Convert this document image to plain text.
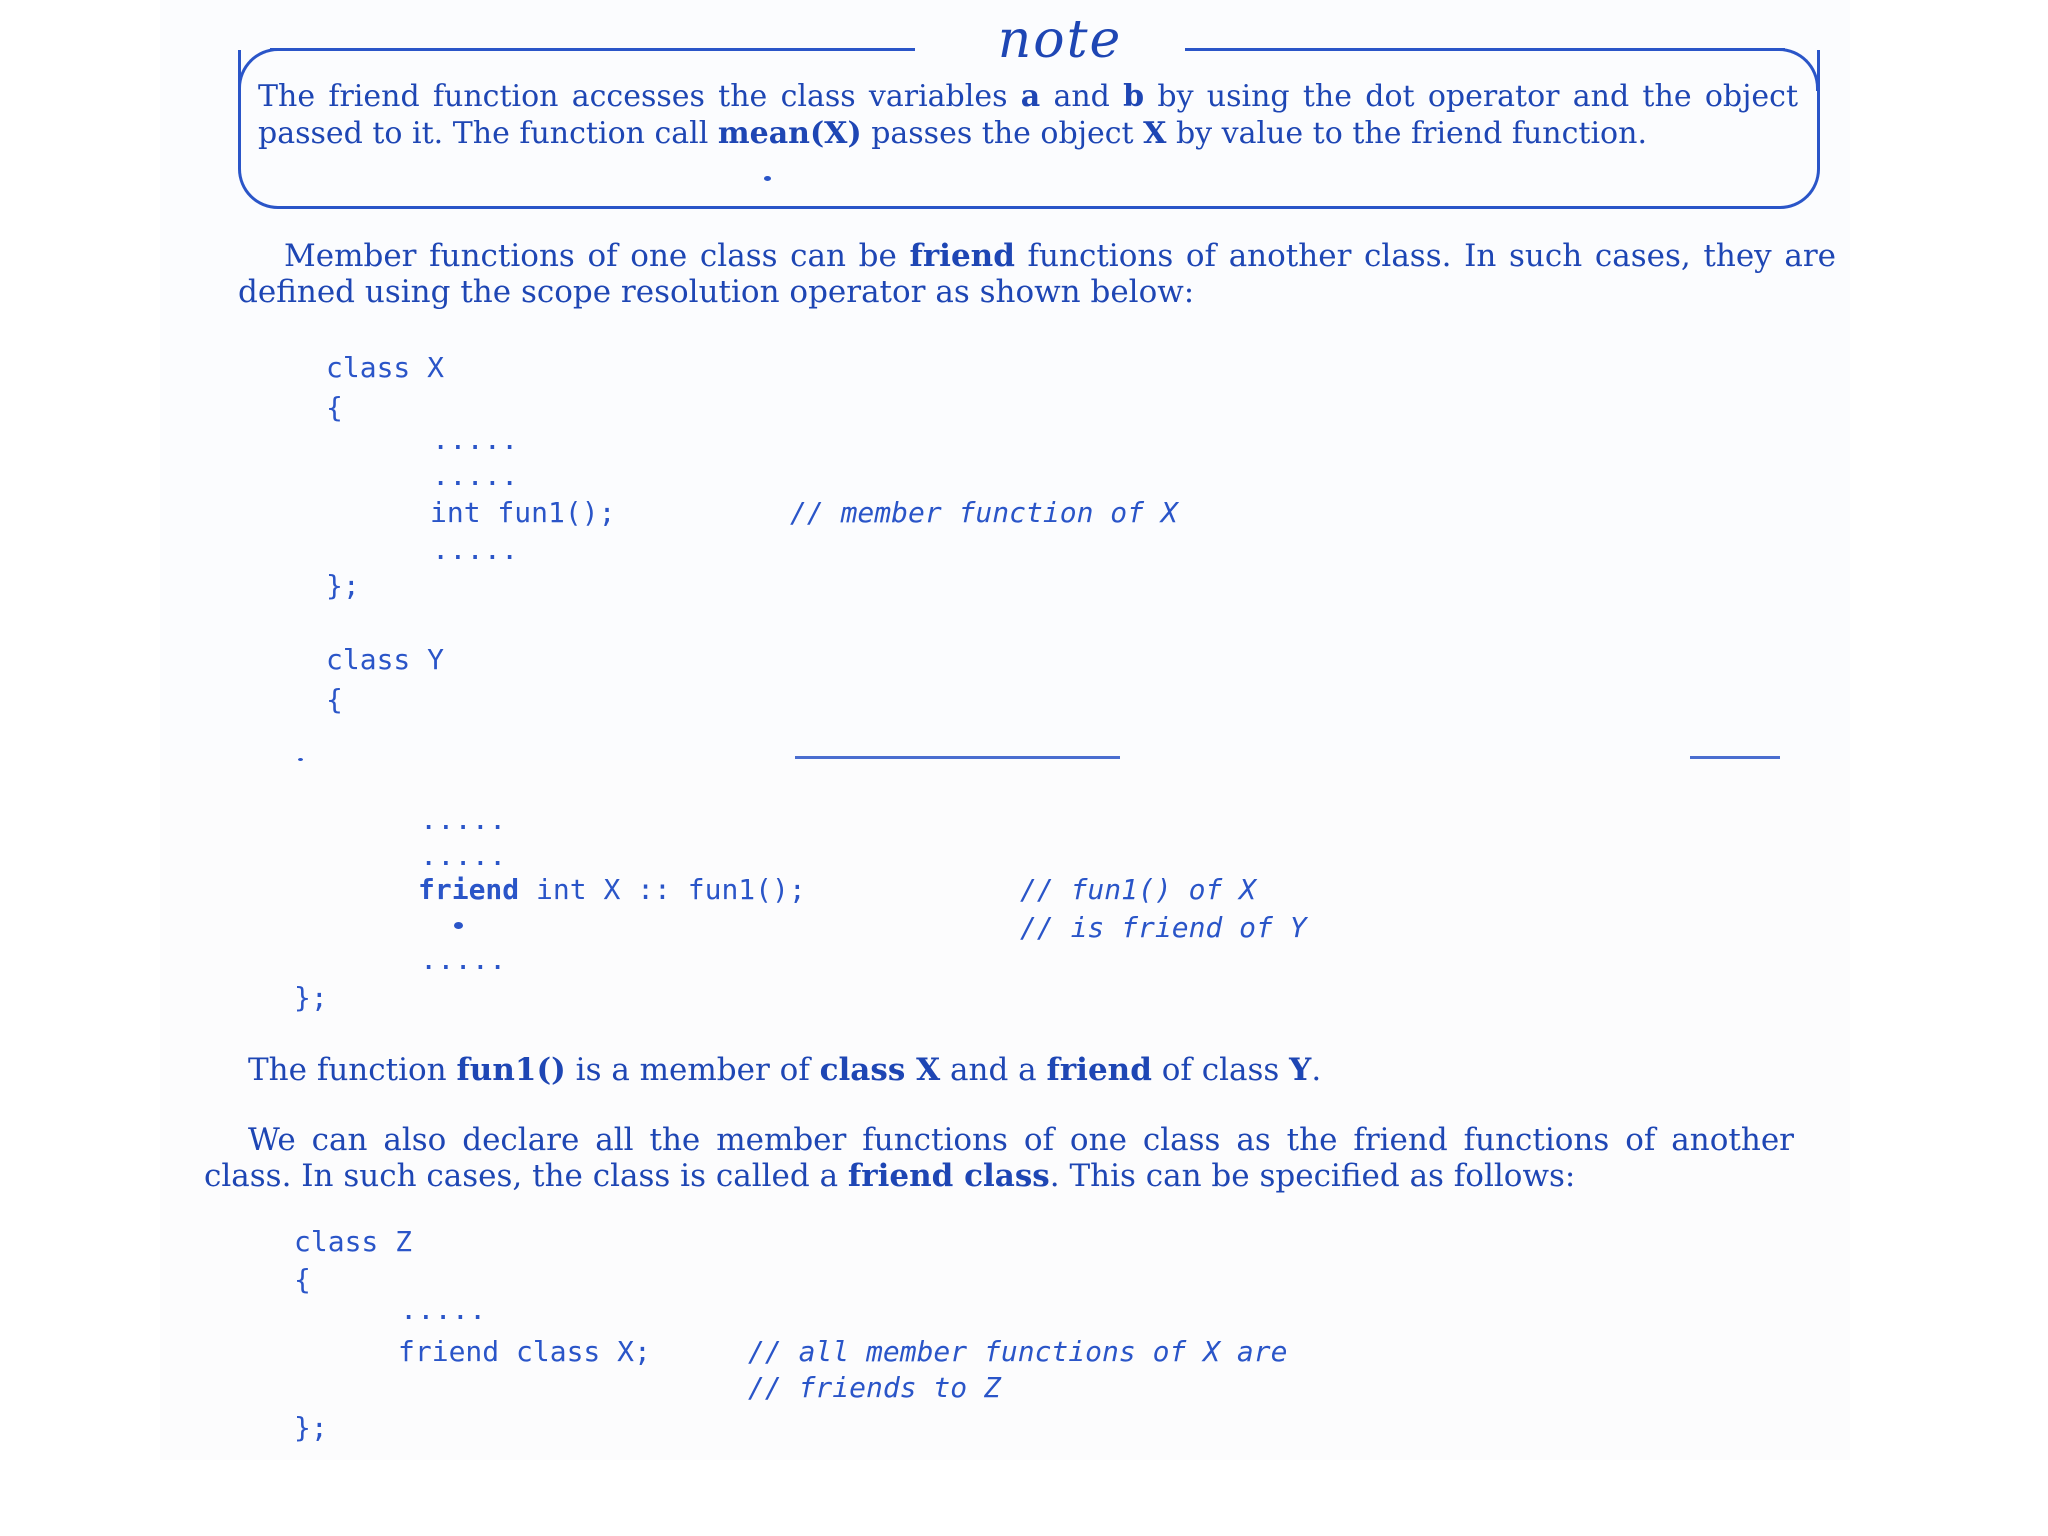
note
The friend function accesses the class variables a and b by using the dot operator and the object passed to it. The function call mean(X) passes the object X by value to the friend function.
Member functions of one class can be friend functions of another class. In such cases, they are defined using the scope resolution operator as shown below:
class X
{
.....
.....
int fun1();	// member function of X
.....
};
class Y
{
.....
.....
friend int X :: fun1();	// fun1() of X
// is friend of Y
.....
};
The function fun1() is a member of class X and a friend of class Y.
We can also declare all the member functions of one class as the friend functions of another class. In such cases, the class is called a friend class. This can be specified as follows:
class Z
{
.....
friend class X;	// all member functions of X are
// friends to Z
};
